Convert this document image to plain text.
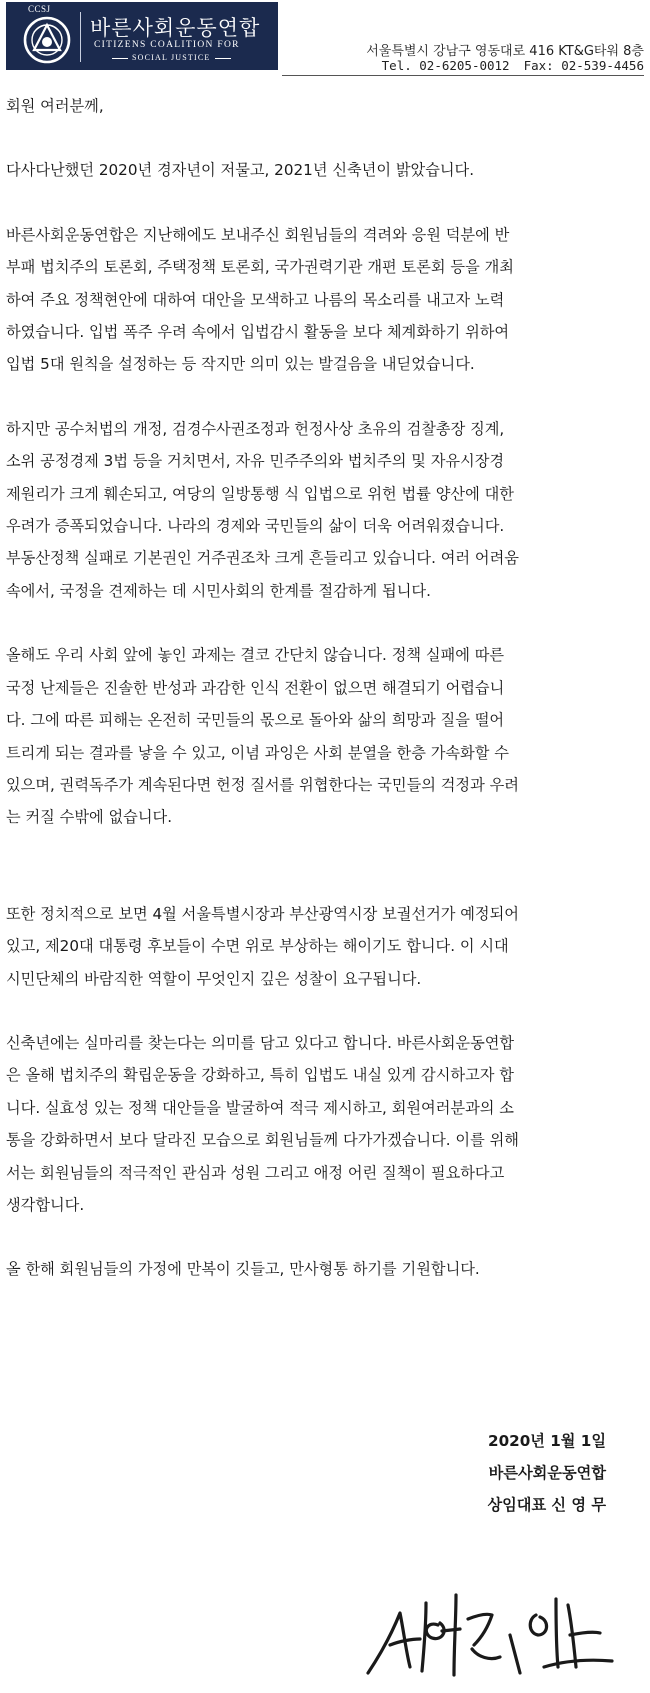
CCSJ
바른사회운동연합
CITIZENS COALITION FOR
SOCIAL JUSTICE	서울특별시 강남구 영동대로 416 KT&G타워 8층
Tel. 02-6205-0012 Fax: 02-539-4456

회원 여러분께,

다사다난했던 2020년 경자년이 저물고, 2021년 신축년이 밝았습니다.

바른사회운동연합은 지난해에도 보내주신 회원님들의 격려와 응원 덕분에 반
부패 법치주의 토론회, 주택정책 토론회, 국가권력기관 개편 토론회 등을 개최
하여 주요 정책현안에 대하여 대안을 모색하고 나름의 목소리를 내고자 노력
하였습니다. 입법 폭주 우려 속에서 입법감시 활동을 보다 체계화하기 위하여
입법 5대 원칙을 설정하는 등 작지만 의미 있는 발걸음을 내딛었습니다.

하지만 공수처법의 개정, 검경수사권조정과 헌정사상 초유의 검찰총장 징계,
소위 공정경제 3법 등을 거치면서, 자유 민주주의와 법치주의 및 자유시장경
제원리가 크게 훼손되고, 여당의 일방통행 식 입법으로 위헌 법률 양산에 대한
우려가 증폭되었습니다. 나라의 경제와 국민들의 삶이 더욱 어려워졌습니다.
부동산정책 실패로 기본권인 거주권조차 크게 흔들리고 있습니다. 여러 어려움
속에서, 국정을 견제하는 데 시민사회의 한계를 절감하게 됩니다.

올해도 우리 사회 앞에 놓인 과제는 결코 간단치 않습니다. 정책 실패에 따른
국정 난제들은 진솔한 반성과 과감한 인식 전환이 없으면 해결되기 어렵습니
다. 그에 따른 피해는 온전히 국민들의 몫으로 돌아와 삶의 희망과 질을 떨어
트리게 되는 결과를 낳을 수 있고, 이념 과잉은 사회 분열을 한층 가속화할 수
있으며, 권력독주가 계속된다면 헌정 질서를 위협한다는 국민들의 걱정과 우려
는 커질 수밖에 없습니다.

또한 정치적으로 보면 4월 서울특별시장과 부산광역시장 보궐선거가 예정되어
있고, 제20대 대통령 후보들이 수면 위로 부상하는 해이기도 합니다. 이 시대
시민단체의 바람직한 역할이 무엇인지 깊은 성찰이 요구됩니다.

신축년에는 실마리를 찾는다는 의미를 담고 있다고 합니다. 바른사회운동연합
은 올해 법치주의 확립운동을 강화하고, 특히 입법도 내실 있게 감시하고자 합
니다. 실효성 있는 정책 대안들을 발굴하여 적극 제시하고, 회원여러분과의 소
통을 강화하면서 보다 달라진 모습으로 회원님들께 다가가겠습니다. 이를 위해
서는 회원님들의 적극적인 관심과 성원 그리고 애정 어린 질책이 필요하다고
생각합니다.

올 한해 회원님들의 가정에 만복이 깃들고, 만사형통 하기를 기원합니다.

2020년 1월 1일
바른사회운동연합
상임대표 신 영 무
